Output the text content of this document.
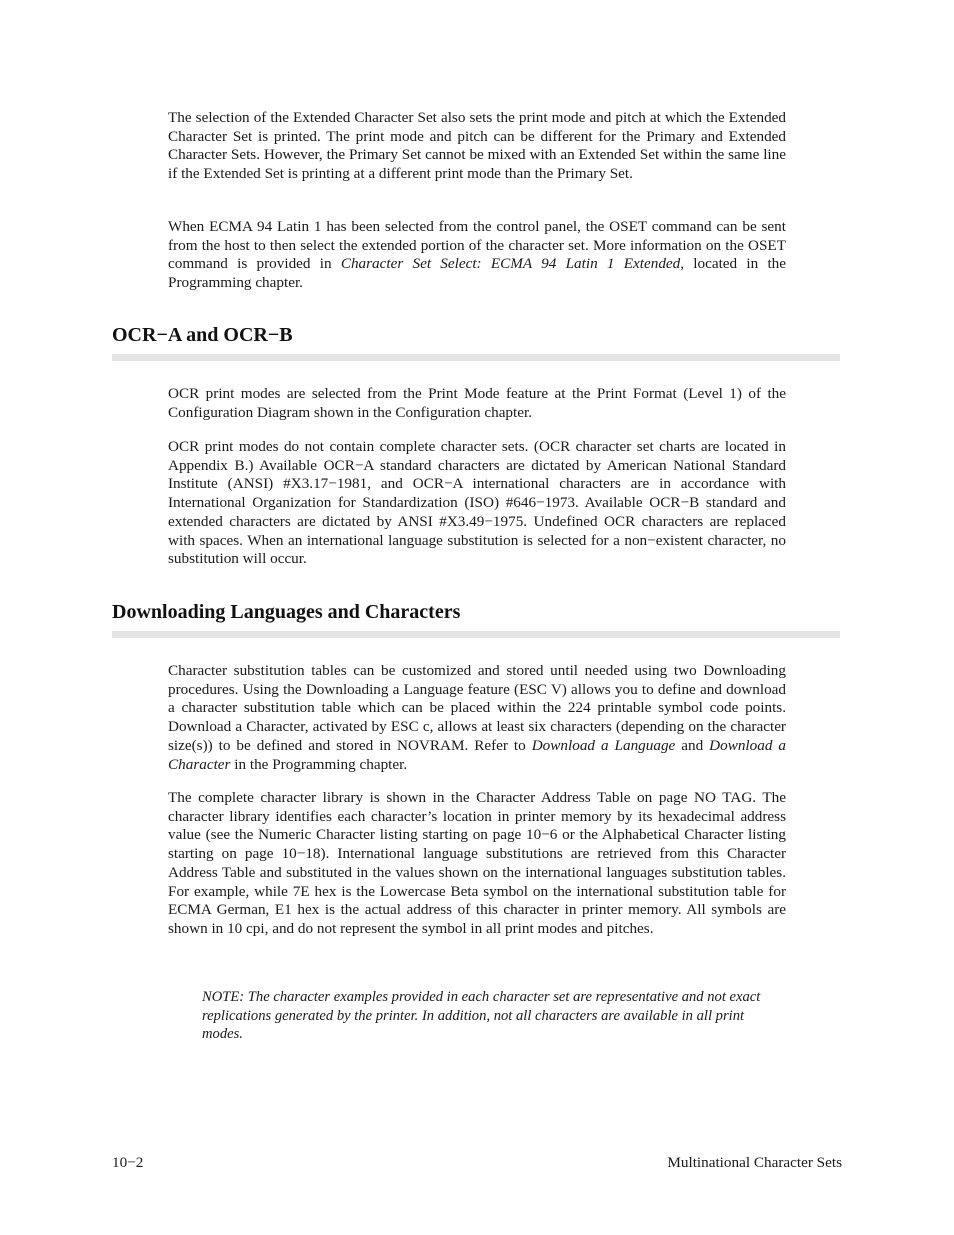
The selection of the Extended Character Set also sets the print mode and pitch at which the Extended Character Set is printed. The print mode and pitch can be different for the Primary and Extended Character Sets. However, the Primary Set cannot be mixed with an Extended Set within the same line if the Extended Set is printing at a different print mode than the Primary Set.

When ECMA 94 Latin 1 has been selected from the control panel, the OSET command can be sent from the host to then select the extended portion of the character set. More information on the OSET command is provided in Character Set Select: ECMA 94 Latin 1 Extended, located in the Programming chapter.

OCR−A and OCR−B

OCR print modes are selected from the Print Mode feature at the Print Format (Level 1) of the Configuration Diagram shown in the Configuration chapter.

OCR print modes do not contain complete character sets. (OCR character set charts are located in Appendix B.) Available OCR−A standard characters are dictated by American National Standard Institute (ANSI) #X3.17−1981, and OCR−A international characters are in accordance with International Organization for Standardization (ISO) #646−1973. Available OCR−B standard and extended characters are dictated by ANSI #X3.49−1975. Undefined OCR characters are replaced with spaces. When an international language substitution is selected for a non−existent character, no substitution will occur.

Downloading Languages and Characters

Character substitution tables can be customized and stored until needed using two Downloading procedures. Using the Downloading a Language feature (ESC V) allows you to define and download a character substitution table which can be placed within the 224 printable symbol code points. Download a Character, activated by ESC c, allows at least six characters (depending on the character size(s)) to be defined and stored in NOVRAM. Refer to Download a Language and Download a Character in the Programming chapter.

The complete character library is shown in the Character Address Table on page NO TAG. The character library identifies each character’s location in printer memory by its hexadecimal address value (see the Numeric Character listing starting on page 10−6 or the Alphabetical Character listing starting on page 10−18). International language substitutions are retrieved from this Character Address Table and substituted in the values shown on the international languages substitution tables. For example, while 7E hex is the Lowercase Beta symbol on the international substitution table for ECMA German, E1 hex is the actual address of this character in printer memory. All symbols are shown in 10 cpi, and do not represent the symbol in all print modes and pitches.

NOTE: The character examples provided in each character set are representative and not exact replications generated by the printer. In addition, not all characters are available in all print modes.

10−2	Multinational Character Sets
